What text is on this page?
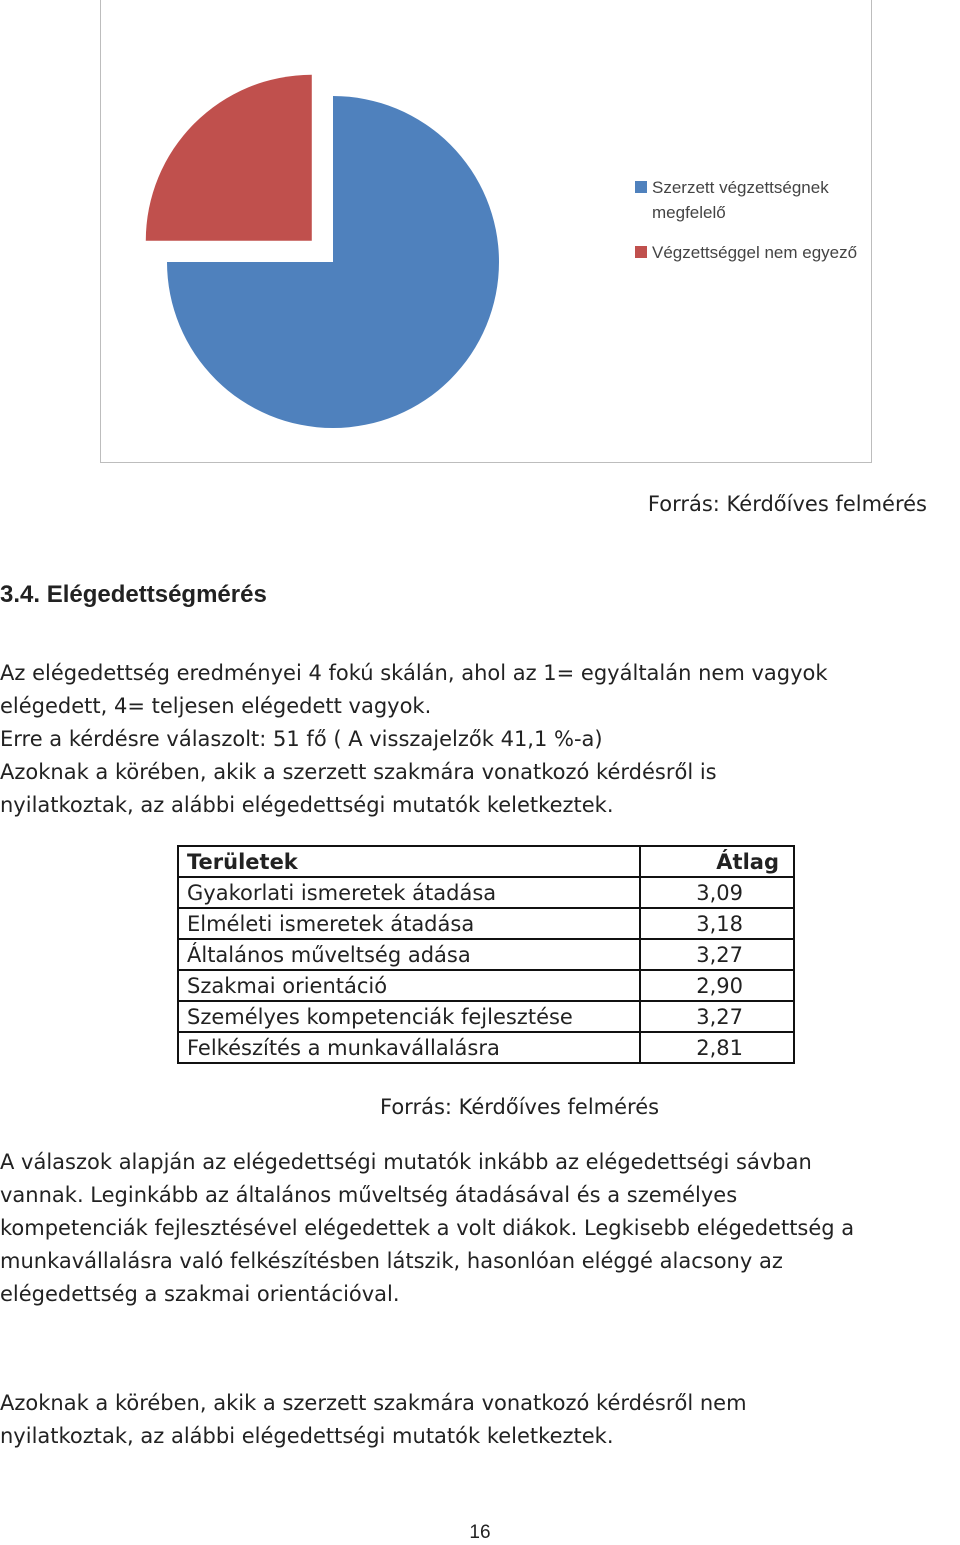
Szerzett végzettségnek megfelelő
Végzettséggel nem egyező
Forrás: Kérdőíves felmérés
3.4. Elégedettségmérés

Az elégedettség eredményei 4 fokú skálán, ahol az 1= egyáltalán nem vagyok

elégedett, 4= teljesen elégedett vagyok.

Erre a kérdésre válaszolt: 51 fő ( A visszajelzők 41,1 %-a)

Azoknak a körében, akik a szerzett szakmára vonatkozó kérdésről is

nyilatkoztak, az alábbi elégedettségi mutatók keletkeztek.

Területek	Átlag
Gyakorlati ismeretek átadása	3,09
Elméleti ismeretek átadása	3,18
Általános műveltség adása	3,27
Szakmai orientáció	2,90
Személyes kompetenciák fejlesztése	3,27
Felkészítés a munkavállalásra	2,81
Forrás: Kérdőíves felmérés

A válaszok alapján az elégedettségi mutatók inkább az elégedettségi sávban

vannak. Leginkább az általános műveltség átadásával és a személyes

kompetenciák fejlesztésével elégedettek a volt diákok. Legkisebb elégedettség a

munkavállalásra való felkészítésben látszik, hasonlóan eléggé alacsony az

elégedettség a szakmai orientációval.

Azoknak a körében, akik a szerzett szakmára vonatkozó kérdésről nem

nyilatkoztak, az alábbi elégedettségi mutatók keletkeztek.

16
